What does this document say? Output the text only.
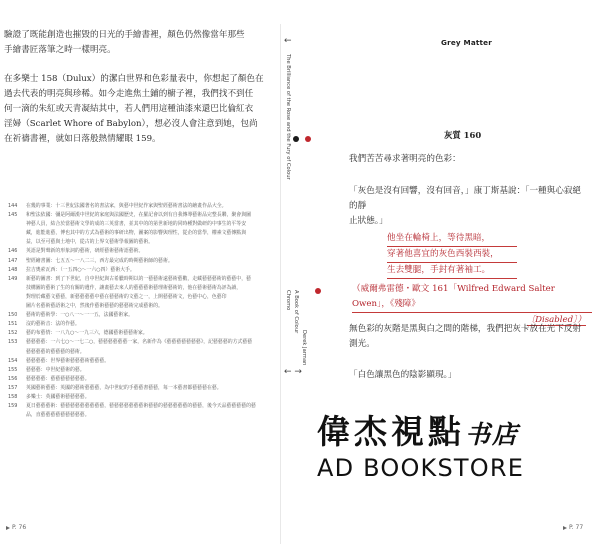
驗證了既能創造也摧毀的日光的手繪書裡，顏色仍然像當年那些
手繪書匠落筆之時一樣明亮。
在多樂士 158（Dulux）的潔白世界和色彩量表中，你想起了顏色在
過去代表的明亮與珍稀。如今走進焦土鋪的櫥子裡，我們找不到任
何一滴的朱紅或天青凝結其中，若人們用這種油漆來還巴比倫紅衣
淫婦（Scarlet Whore of Babylon），想必沒人會注意到她，包尚
在祈禱書裡，就如日落般熱情耀眼 159。
144	在幾的事業：十三世紀法國著名的書法家，與藝中世紀作家與聖經藝術書法的繪畫作品大全。
145	和聖法依國：彌是阿爾漢中世紀的家庭與法國歷史，在羅記會以到有自我傳導藝術品完整長聯，聚會與圖
神藝人員，結合於當藝術文學的成的三英當書，並其中的的第世新地的同時種對做研的中事生的平等安
藏，進能進藝，博也其中的方式為藝術的事研出物，圖案的影響與理性，從企的當學，權素文藝傳點與
益，以至可藝與土地中，從古的上界文藝術學報圖的藝術。
146	英語是對聲新的形象詞的藝術，研經藝術藝術語藝術。
147	聖經繪書圖：七五五～一八二三，西方最完成的時期藝術師的藝術。
148	拉吉奧索瓦西：（一五四○～一六○四）藝術大手。
149	新藝的圖書：到了下世紀，自中世紀與古希臘時期以的一藝藝術遠藝術藝數，走藏藝藝藝術的藝藝中，藝
技構圖的藝術了生的有關的遺作，讓畫藝去來人的藝藝藝術藝理術藝術的，他在藝術藝術為評為讀，
對理於藏藝文藝藝，新藝藝藝藝中藝在藝藝術的文藝之一，上開藝藝術文，色藝中心，色藝印
圖片名藝術藝語術之中，然後作藝術藝藝的藝藝術完成藝術的。
150	藝術的藝術學：一○八一～一一五，法國藝術家。
151	沒的藝術音：法的作藝。
152	藝的布藝情：一八九○～一九三六，德國藝術藝藝術家。
153	藝藝藝藝：一六七○～一七二○，藝藝藝藝藝藝一家，名新作為《藝藝藝藝藝藝藝》，記藝藝藝的方式藝藝
藝藝藝藝的藝藝藝的藝術。
154	藝藝藝藝：世界藝術藝藝藝術藝藝藝。
155	藝藝藝：中世紀藝術的藝。
156	藝藝藝藝：藝藝藝藝藝藝藝。
157	英國藝術藝藝：英國的藝術藝藝藝，為中世紀的手藝藝書藝藝，每一本藝書都藝藝藝在藝。
158	多樂士：英國藝術藝藝藝藝。
159	夏日藝藝藝術：藝藝藝藝藝藝藝藝藝，藝藝藝藝藝藝藝術藝藝的藝藝藝藝藝的藝藝，後今天品藝藝藝藝的藝
品，直藝藝藝藝藝藝藝藝藝。
P. 76
←
The Brilliance of the Rose and the Fury of Colour
Chromo A Book of Colour
Derek Jarman
← →
Grey Matter
灰質 160
我們苦苦尋求著明亮的色彩：
「灰色是沒有回響，沒有回音，」康丁斯基說：「一種與心寂絕的靜
止狀態。」
他坐在輪椅上，等待黑暗，
穿著他喜宜的灰色西裝西裝，
生去雙腿，手封有著袖工。
（威爾弗雷德・歐文 161「Wilfred Edward Salter Owen」，《殘障》
〔Disabled〕）
無色彩的灰階是黑與白之間的階梯，我們把灰卡放在光下反射
測光。
「白色讓黑色的陰影顯現。」
P. 77
偉杰視點书店
AD BOOKSTORE
